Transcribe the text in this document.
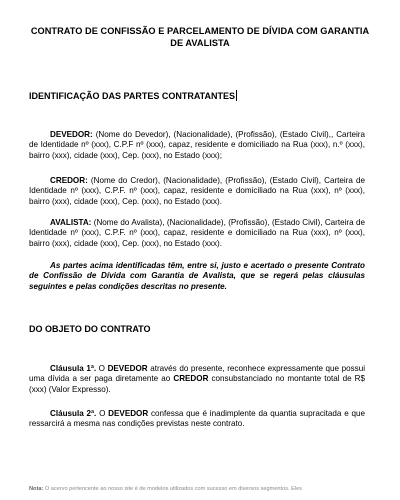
CONTRATO DE CONFISSÃO E PARCELAMENTO DE DÍVIDA COM GARANTIA
DE AVALISTA
IDENTIFICAÇÃO DAS PARTES CONTRATANTES
DEVEDOR: (Nome do Devedor), (Nacionalidade), (Profissão), (Estado Civil),, Carteira de Identidade nº (xxx), C.P.F nº (xxx), capaz, residente e domiciliado na Rua (xxx), n.º (xxx), bairro (xxx), cidade (xxx), Cep. (xxx), no Estado (xxx);
CREDOR: (Nome do Credor), (Nacionalidade), (Profissão), (Estado Civil), Carteira de Identidade nº (xxx), C.P.F. nº (xxx), capaz, residente e domiciliado na Rua (xxx), nº (xxx), bairro (xxx), cidade (xxx), Cep. (xxx), no Estado (xxx).
AVALISTA: (Nome do Avalista), (Nacionalidade), (Profissão), (Estado Civil), Carteira de Identidade nº (xxx), C.P.F. nº (xxx), capaz, residente e domiciliado na Rua (xxx), nº (xxx), bairro (xxx), cidade (xxx), Cep. (xxx), no Estado (xxx).
As partes acima identificadas têm, entre si, justo e acertado o presente Contrato de Confissão de Dívida com Garantia de Avalista, que se regerá pelas cláusulas seguintes e pelas condições descritas no presente.
DO OBJETO DO CONTRATO
Cláusula 1ª. O DEVEDOR através do presente, reconhece expressamente que possui uma dívida a ser paga diretamente ao CREDOR consubstanciado no montante total de R$ (xxx) (Valor Expresso).
Cláusula 2ª. O DEVEDOR confessa que é inadimplente da quantia supracitada e que ressarcirá a mesma nas condições previstas neste contrato.
Nota: O acervo pertencente ao nosso site é de modelos utilizados com sucesso em diversos segmentos. Eles
